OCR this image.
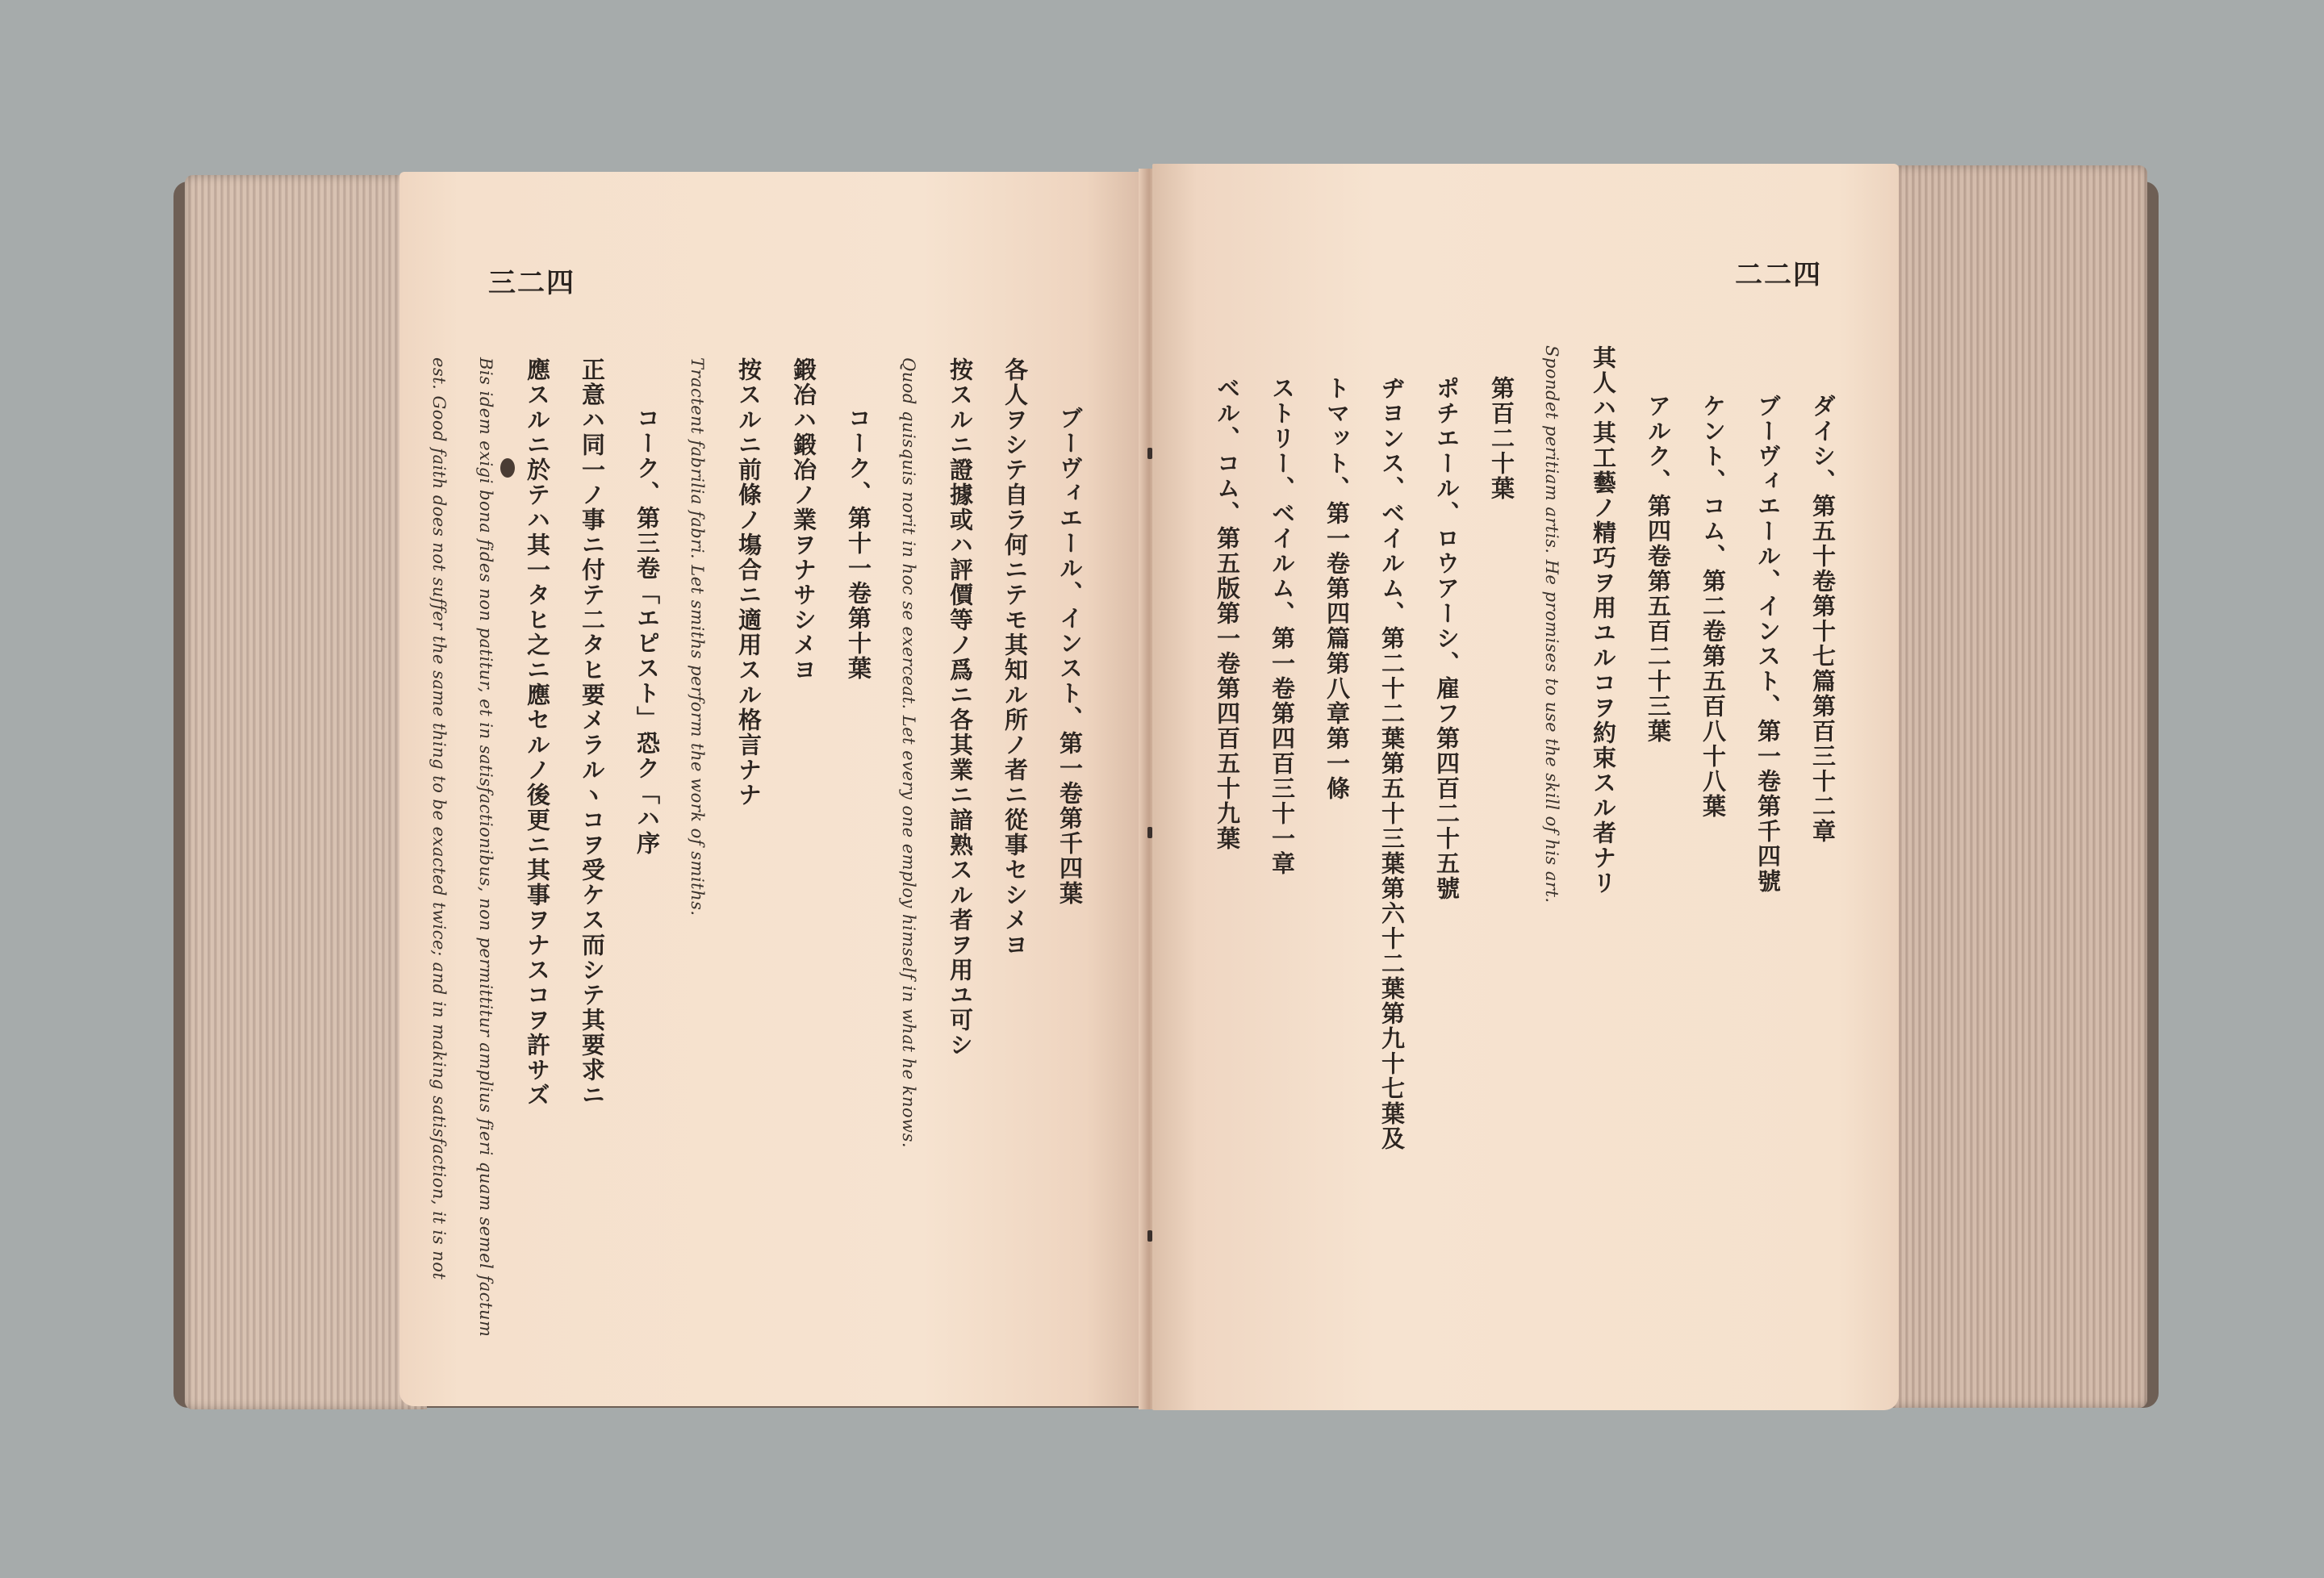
三二四
ブーヴィエール、インスト、第一卷第千四葉
各人ヲシテ自ラ何ニテモ其知ル所ノ者ニ從事セシメヨ
按スルニ證據或ハ評價等ノ爲ニ各其業ニ諳熟スル者ヲ用ユ可シ
Quod quisquis norit in hoc se exerceat. Let every one employ himself in what he knows.
コーク、第十一卷第十葉
鍛冶ハ鍛冶ノ業ヲナサシメヨ
按スルニ前條ノ塲合ニ適用スル格言ナナ
Tractent fabrilia fabri. Let smiths perform the work of smiths.
コーク、第三卷「エピスト」恐ク「ハ序
正意ハ同一ノ事ニ付テ二タヒ要メラルヽコヲ受ケス而シテ其要求ニ
應スルニ於テハ其一タヒ之ニ應セルノ後更ニ其事ヲナスコヲ許サズ
Bis idem exigi bona fides non patitur, et in satisfactionibus, non permittitur amplius fieri quam semel factum
est. Good faith does not suffer the same thing to be exacted twice; and in making satisfaction, it is not
二二四
ダイシ、第五十卷第十七篇第百三十二章
ブーヴィエール、インスト、第一卷第千四號
ケント、コム、第二卷第五百八十八葉
アルク、第四卷第五百二十三葉
其人ハ其工藝ノ精巧ヲ用ユルコヲ約束スル者ナリ
Spondet peritiam artis. He promises to use the skill of his art.
第百二十葉
ポチエール、ロウアーシ、雇フ第四百二十五號
ヂヨンス、ベイルム、第二十二葉第五十三葉第六十二葉第九十七葉及
トマット、第一卷第四篇第八章第一條
ストリー、ベイルム、第一卷第四百三十一章
ベル、コム、第五版第一卷第四百五十九葉
